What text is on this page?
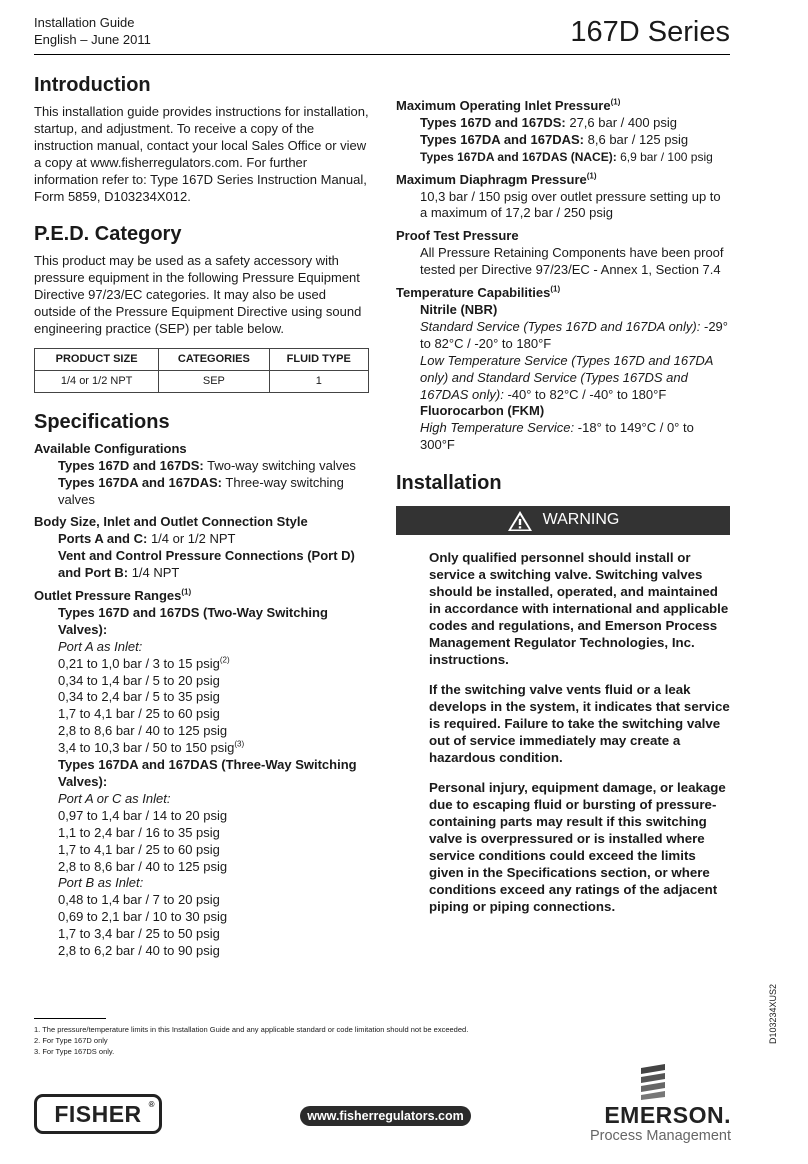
Installation Guide
English – June 2011	167D Series
Introduction

This installation guide provides instructions for installation, startup, and adjustment. To receive a copy of the instruction manual, contact your local Sales Office or view a copy at www.fisherregulators.com. For further information refer to: Type 167D Series Instruction Manual, Form 5859, D103234X012.

P.E.D. Category

This product may be used as a safety accessory with pressure equipment in the following Pressure Equipment Directive 97/23/EC categories. It may also be used outside of the Pressure Equipment Directive using sound engineering practice (SEP) per table below.

PRODUCT SIZE	CATEGORIES	FLUID TYPE
1/4 or 1/2 NPT	SEP	1
Specifications

Available Configurations

Types 167D and 167DS: Two-way switching valves

Types 167DA and 167DAS: Three-way switching valves

Body Size, Inlet and Outlet Connection Style

Ports A and C: 1/4 or 1/2 NPT

Vent and Control Pressure Connections (Port D) and Port B: 1/4 NPT

Outlet Pressure Ranges$^{(1)}$

Types 167D and 167DS (Two-Way Switching Valves):

Port A as Inlet:

0,21 to 1,0 bar / 3 to 15 psig$^{(2)}$

0,34 to 1,4 bar / 5 to 20 psig

0,34 to 2,4 bar / 5 to 35 psig

1,7 to 4,1 bar / 25 to 60 psig

2,8 to 8,6 bar / 40 to 125 psig

3,4 to 10,3 bar / 50 to 150 psig$^{(3)}$

Types 167DA and 167DAS (Three-Way Switching Valves):

Port A or C as Inlet:

0,97 to 1,4 bar / 14 to 20 psig

1,1 to 2,4 bar / 16 to 35 psig

1,7 to 4,1 bar / 25 to 60 psig

2,8 to 8,6 bar / 40 to 125 psig

Port B as Inlet:

0,48 to 1,4 bar / 7 to 20 psig

0,69 to 2,1 bar / 10 to 30 psig

1,7 to 3,4 bar / 25 to 50 psig

2,8 to 6,2 bar / 40 to 90 psig

Maximum Operating Inlet Pressure$^{(1)}$

Types 167D and 167DS: 27,6 bar / 400 psig

Types 167DA and 167DAS: 8,6 bar / 125 psig

Types 167DA and 167DAS (NACE): 6,9 bar / 100 psig

Maximum Diaphragm Pressure$^{(1)}$

10,3 bar / 150 psig over outlet pressure setting up to a maximum of 17,2 bar / 250 psig

Proof Test Pressure

All Pressure Retaining Components have been proof tested per Directive 97/23/EC - Annex 1, Section 7.4

Temperature Capabilities$^{(1)}$

Nitrile (NBR)

Standard Service (Types 167D and 167DA only): -29° to 82°C / -20° to 180°F

Low Temperature Service (Types 167D and 167DA only) and Standard Service (Types 167DS and 167DAS only): -40° to 82°C / -40° to 180°F

Fluorocarbon (FKM)

High Temperature Service: -18° to 149°C / 0° to 300°F

Installation
WARNING

Only qualified personnel should install or service a switching valve. Switching valves should be installed, operated, and maintained in accordance with international and applicable codes and regulations, and Emerson Process Management Regulator Technologies, Inc. instructions.

If the switching valve vents fluid or a leak develops in the system, it indicates that service is required. Failure to take the switching valve out of service immediately may create a hazardous condition.

Personal injury, equipment damage, or leakage due to escaping fluid or bursting of pressure-containing parts may result if this switching valve is overpressured or is installed where service conditions could exceed the limits given in the Specifications section, or where conditions exceed any ratings of the adjacent piping or piping connections.

D103234XUS2
1. The pressure/temperature limits in this Installation Guide and any applicable standard or code limitation should not be exceeded.
2. For Type 167D only
3. For Type 167DS only.
FISHER ®
www.fisherregulators.com	EMERSON.
Process Management
